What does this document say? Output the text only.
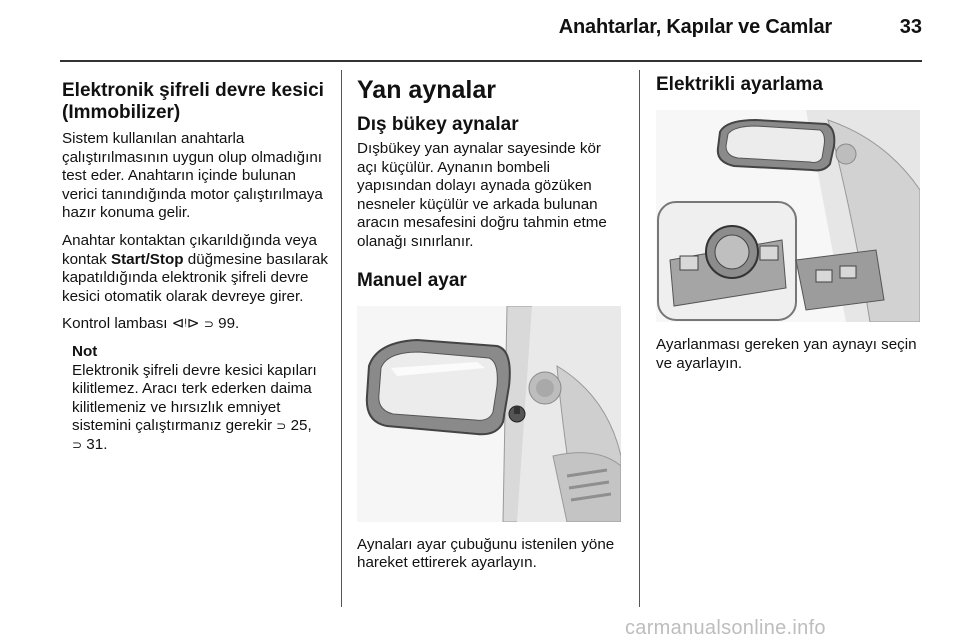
Anahtarlar, Kapılar ve Camlar	33
Elektronik şifreli devre kesici (Immobilizer)

Sistem kullanılan anahtarla çalıştırılmasının uygun olup olmadığını test eder. Anahtarın içinde bulunan verici tanındığında motor çalıştırılmaya hazır konuma gelir.

Anahtar kontaktan çıkarıldığında veya kontak Start/Stop düğmesine basılarak kapatıldığında elektronik şifreli devre kesici otomatik olarak devreye girer.

Kontrol lambası ⊲ᵎ⊳ ⊃ 99.

Not

Elektronik şifreli devre kesici kapıları kilitlemez. Aracı terk ederken daima kilitlemeniz ve hırsızlık emniyet sistemini çalıştırmanız gerekir ⊃ 25,
⊃ 31.

Yan aynalar
Dış bükey aynalar

Dışbükey yan aynalar sayesinde kör açı küçülür. Aynanın bombeli yapısından dolayı aynada gözüken nesneler küçülür ve arkada bulunan aracın mesafesini doğru tahmin etme olanağı sınırlanır.

Manuel ayar

Aynaları ayar çubuğunu istenilen yöne hareket ettirerek ayarlayın.

Elektrikli ayarlama

Ayarlanması gereken yan aynayı seçin ve ayarlayın.

carmanualsonline.info
